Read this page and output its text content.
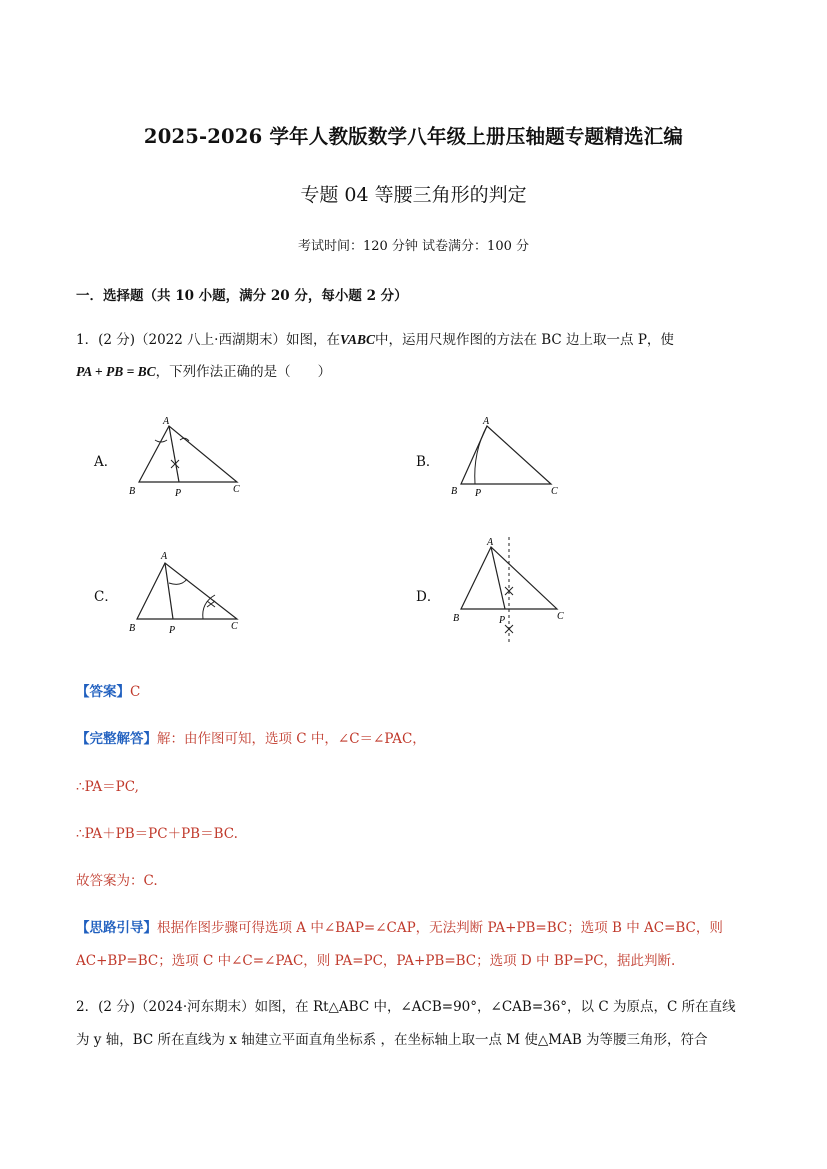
2025-2026 学年人教版数学八年级上册压轴题专题精选汇编
专题 04 等腰三角形的判定
考试时间：120 分钟 试卷满分：100 分
一．选择题（共 10 小题，满分 20 分，每小题 2 分）
1．(2 分)（2022 八上·西湖期末）如图，在VABC中，运用尺规作图的方法在 BC 边上取一点 P，使
PA + PB = BC，下列作法正确的是（　　）
A．
A
B	P	C
B．
A
B P	C
C．
A
B	P	C
D．
A
B	P	C
【答案】C
【完整解答】解：由作图可知，选项 C 中，∠C＝∠PAC，
∴PA＝PC,
∴PA＋PB＝PC＋PB＝BC.
故答案为：C.
【思路引导】根据作图步骤可得选项 A 中∠BAP=∠CAP，无法判断 PA+PB=BC；选项 B 中 AC=BC，则
AC+BP=BC；选项 C 中∠C=∠PAC，则 PA=PC，PA+PB=BC；选项 D 中 BP=PC，据此判断.
2．(2 分)（2024·河东期末）如图，在 Rt△ABC 中，∠ACB=90°，∠CAB=36°，以 C 为原点，C 所在直线
为 y 轴，BC 所在直线为 x 轴建立平面直角坐标系 ，在坐标轴上取一点 M 使△MAB 为等腰三角形，符合
